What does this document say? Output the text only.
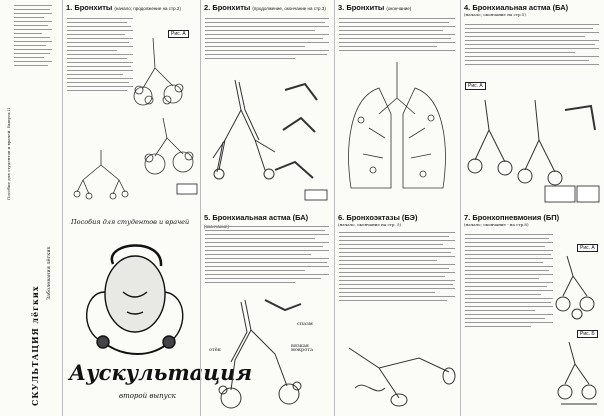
Пособие для студентов и врачей. Выпуск II
СКУЛЬТАЦИЯ лёгких
Заболевания лёгких
1. Бронхиты (начало; продолжение на стр.2)
Рис. А
2. Бронхиты (продолжение, окончание на стр.3)	3. Бронхиты (окончание)	4. Бронхиальная астма (БА)
(начало; окончание на стр.5)
Рис. А
Пособия для студентов и врачей
Аускультация
второй выпуск
5. Бронхиальная астма (БА)
спазм
вязкая мокрота
отёк
6. Бронхоэктазы (БЭ)
(начало, окончание на стр. 5)
7. Бронхопневмония (БП)
(начало; окончание - на стр.8)
Рис. А
Рис. Б
